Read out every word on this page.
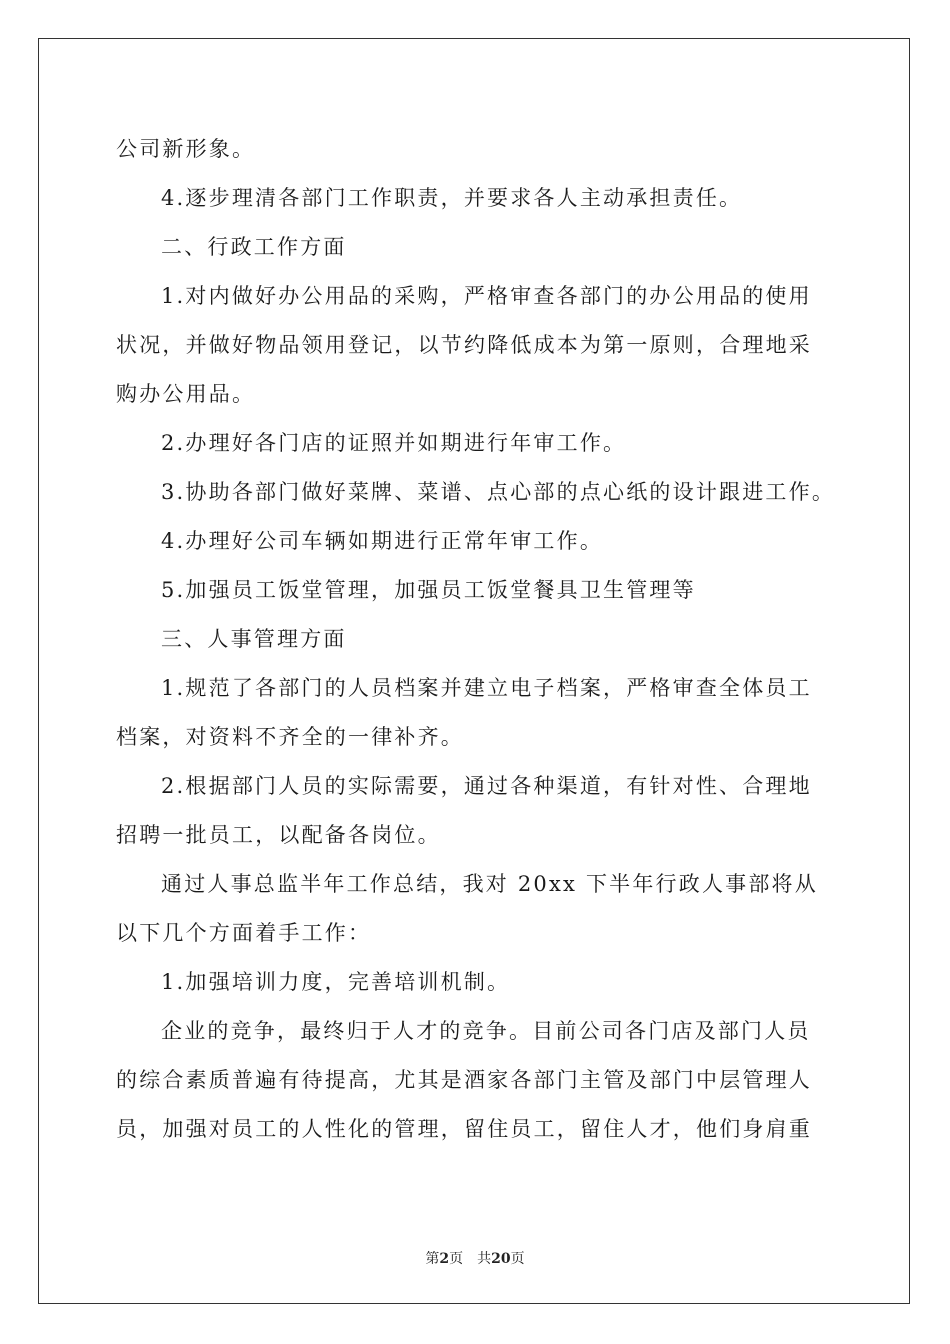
公司新形象。
4.逐步理清各部门工作职责，并要求各人主动承担责任。
二、行政工作方面
1.对内做好办公用品的采购，严格审查各部门的办公用品的使用
状况，并做好物品领用登记，以节约降低成本为第一原则，合理地采
购办公用品。
2.办理好各门店的证照并如期进行年审工作。
3.协助各部门做好菜牌、菜谱、点心部的点心纸的设计跟进工作。
4.办理好公司车辆如期进行正常年审工作。
5.加强员工饭堂管理，加强员工饭堂餐具卫生管理等
三、人事管理方面
1.规范了各部门的人员档案并建立电子档案，严格审查全体员工
档案，对资料不齐全的一律补齐。
2.根据部门人员的实际需要，通过各种渠道，有针对性、合理地
招聘一批员工，以配备各岗位。
通过人事总监半年工作总结，我对 20xx 下半年行政人事部将从
以下几个方面着手工作：
1.加强培训力度，完善培训机制。
企业的竞争，最终归于人才的竞争。目前公司各门店及部门人员
的综合素质普遍有待提高，尤其是酒家各部门主管及部门中层管理人
员，加强对员工的人性化的管理，留住员工，留住人才，他们身肩重
第2页 共20页
